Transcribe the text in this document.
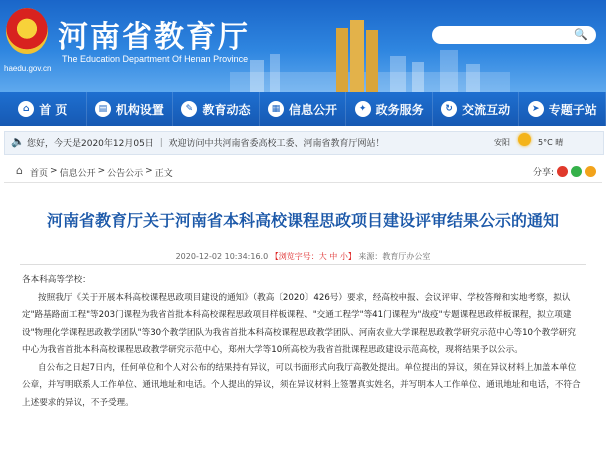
★
haedu.gov.cn
河南省教育厅
The Education Department Of Henan Province
🔍
⌂ 首 页	▤ 机构设置	✎ 教育动态	▦ 信息公开	✦ 政务服务	↻ 交流互动	➤ 专题子站
🔈 您好，今天是2020年12月05日 ｜ 欢迎访问中共河南省委高校工委、河南省教育厅网站！	安阳	5°C 晴
⌂ 首页 > 信息公开 > 公告公示 > 正文	分享:
河南省教育厅关于河南省本科高校课程思政项目建设评审结果公示的通知
2020-12-02 10:34:16.0 【浏览字号：大 中 小】 来源：教育厅办公室

各本科高等学校：

按照我厅《关于开展本科高校课程思政项目建设的通知》（教高〔2020〕426号）要求，经高校申报、会议评审、学校答辩和实地考察，拟认定"路基路面工程"等203门课程为我省首批本科高校课程思政项目样板课程、"交通工程学"等41门课程为"战疫"专题课程思政样板课程，拟立项建设"物理化学课程思政教学团队"等30个教学团队为我省首批本科高校课程思政教学团队、河南农业大学课程思政教学研究示范中心等10个教学研究中心为我省首批本科高校课程思政教学研究示范中心，郑州大学等10所高校为我省首批课程思政建设示范高校，现将结果予以公示。

自公布之日起7日内，任何单位和个人对公布的结果持有异议，可以书面形式向我厅高教处提出。单位提出的异议，须在异议材料上加盖本单位公章，并写明联系人工作单位、通讯地址和电话。个人提出的异议，须在异议材料上签署真实姓名，并写明本人工作单位、通讯地址和电话，不符合上述要求的异议，不予受理。
